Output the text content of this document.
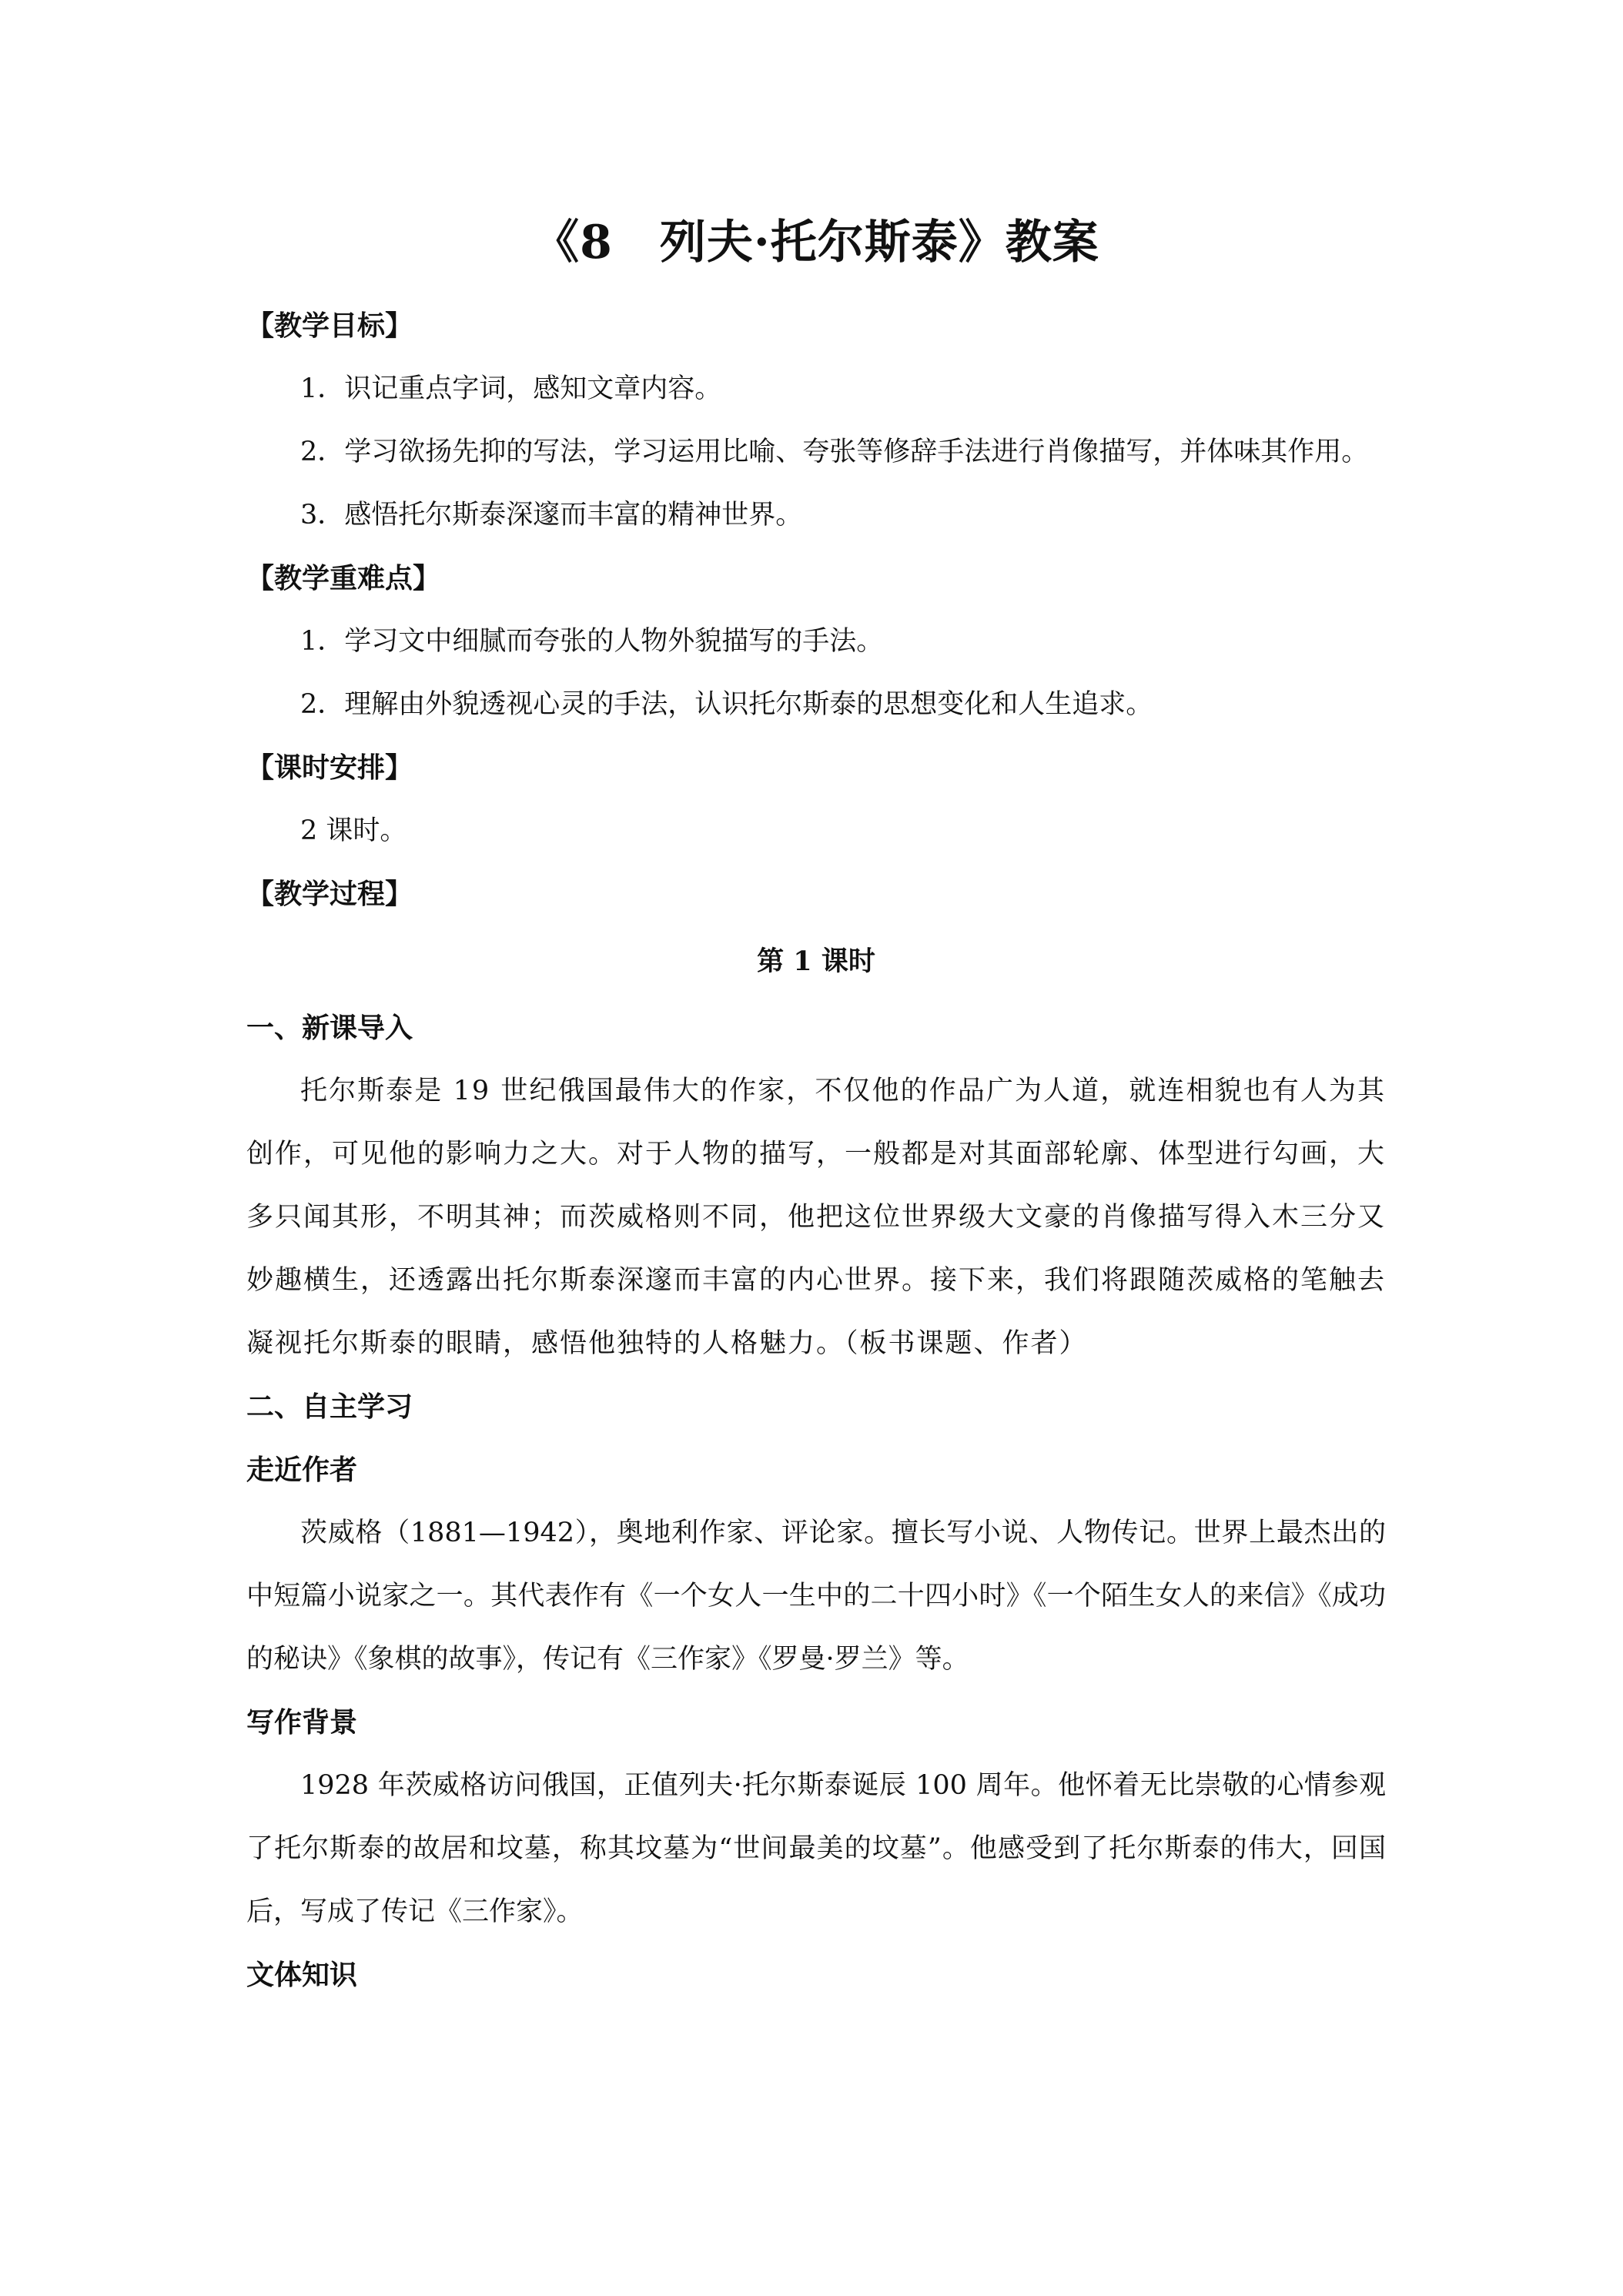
《8　列夫·托尔斯泰》教案

【教学目标】

1．识记重点字词，感知文章内容。

2．学习欲扬先抑的写法，学习运用比喻、夸张等修辞手法进行肖像描写，并体味其作用。

3．感悟托尔斯泰深邃而丰富的精神世界。

【教学重难点】

1．学习文中细腻而夸张的人物外貌描写的手法。

2．理解由外貌透视心灵的手法，认识托尔斯泰的思想变化和人生追求。

【课时安排】

2 课时。

【教学过程】

第 1 课时

一、新课导入

托尔斯泰是 19 世纪俄国最伟大的作家，不仅他的作品广为人道，就连相貌也有人为其创作，可见他的影响力之大。对于人物的描写，一般都是对其面部轮廓、体型进行勾画，大多只闻其形，不明其神；而茨威格则不同，他把这位世界级大文豪的肖像描写得入木三分又妙趣横生，还透露出托尔斯泰深邃而丰富的内心世界。接下来，我们将跟随茨威格的笔触去凝视托尔斯泰的眼睛，感悟他独特的人格魅力。（板书课题、作者）

二、自主学习

走近作者

茨威格（1881—1942），奥地利作家、评论家。擅长写小说、人物传记。世界上最杰出的中短篇小说家之一。其代表作有《一个女人一生中的二十四小时》《一个陌生女人的来信》《成功的秘诀》《象棋的故事》，传记有《三作家》《罗曼·罗兰》等。

写作背景

1928 年茨威格访问俄国，正值列夫·托尔斯泰诞辰 100 周年。他怀着无比崇敬的心情参观了托尔斯泰的故居和坟墓，称其坟墓为“世间最美的坟墓”。他感受到了托尔斯泰的伟大，回国后，写成了传记《三作家》。

文体知识
